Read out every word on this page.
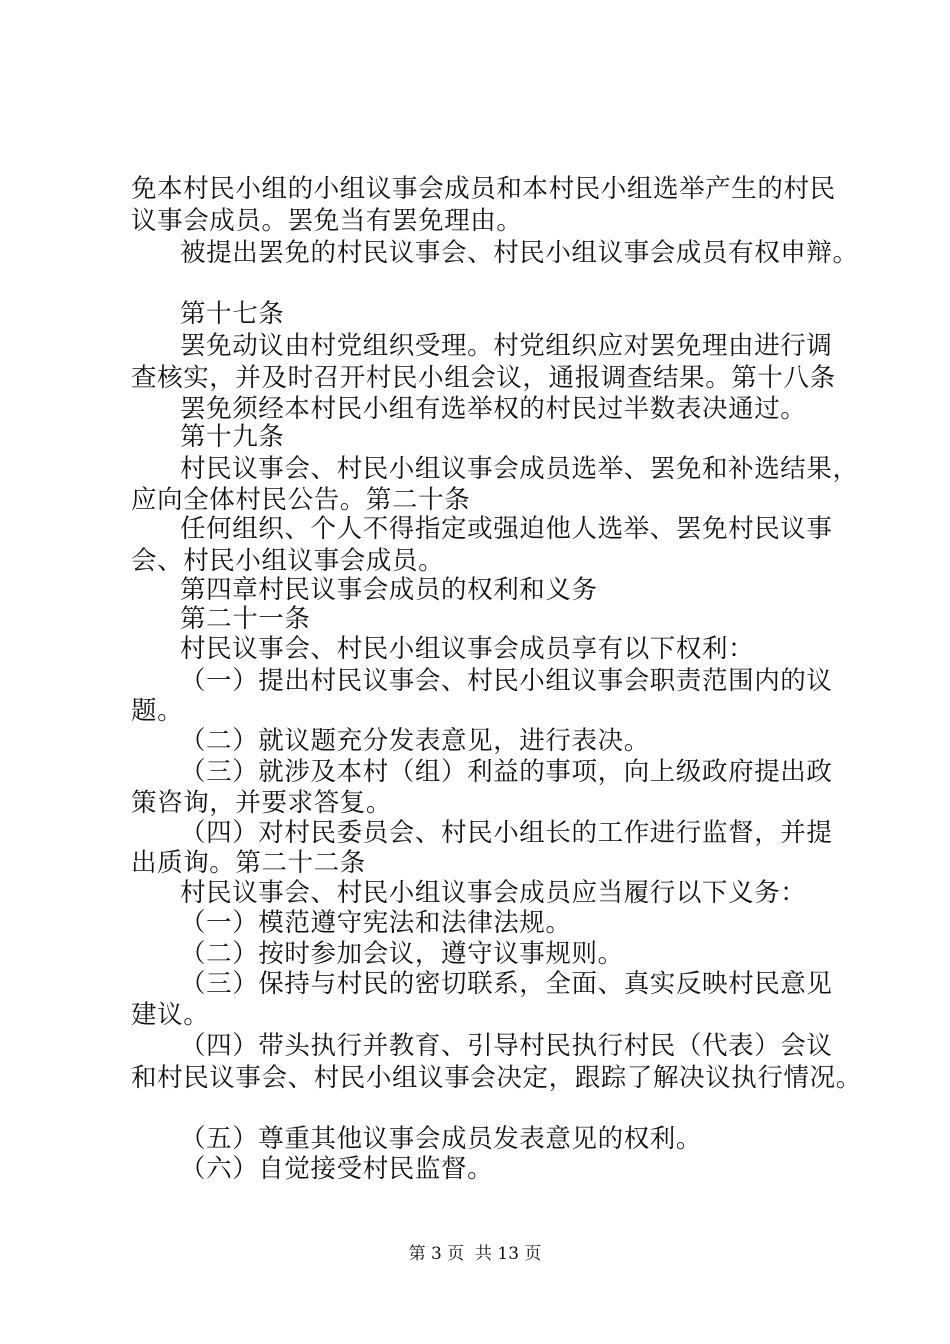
免本村民小组的小组议事会成员和本村民小组选举产生的村民
议事会成员。罢免当有罢免理由。
被提出罢免的村民议事会、村民小组议事会成员有权申辩。
第十七条
罢免动议由村党组织受理。村党组织应对罢免理由进行调
查核实，并及时召开村民小组会议，通报调查结果。第十八条
罢免须经本村民小组有选举权的村民过半数表决通过。
第十九条
村民议事会、村民小组议事会成员选举、罢免和补选结果，
应向全体村民公告。第二十条
任何组织、个人不得指定或强迫他人选举、罢免村民议事
会、村民小组议事会成员。
第四章村民议事会成员的权利和义务
第二十一条
村民议事会、村民小组议事会成员享有以下权利：
（一）提出村民议事会、村民小组议事会职责范围内的议
题。
（二）就议题充分发表意见，进行表决。
（三）就涉及本村（组）利益的事项，向上级政府提出政
策咨询，并要求答复。
（四）对村民委员会、村民小组长的工作进行监督，并提
出质询。第二十二条
村民议事会、村民小组议事会成员应当履行以下义务：
（一）模范遵守宪法和法律法规。
（二）按时参加会议，遵守议事规则。
（三）保持与村民的密切联系，全面、真实反映村民意见
建议。
（四）带头执行并教育、引导村民执行村民（代表）会议
和村民议事会、村民小组议事会决定，跟踪了解决议执行情况。
（五）尊重其他议事会成员发表意见的权利。
（六）自觉接受村民监督。
第 3 页  共 13 页
